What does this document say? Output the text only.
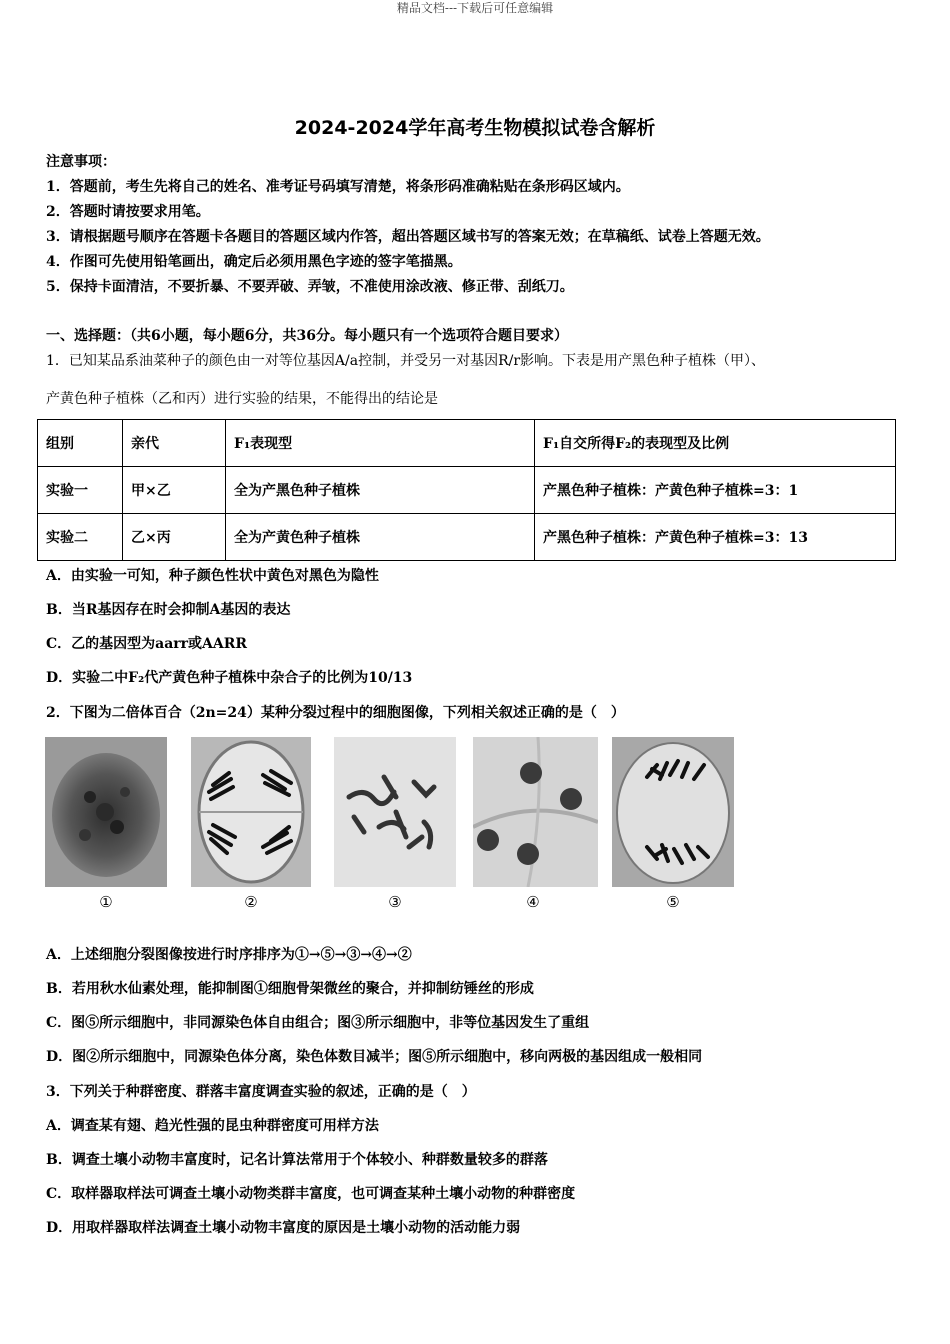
精品文档---下载后可任意编辑
2024-2024学年高考生物模拟试卷含解析
注意事项：
1．答题前，考生先将自己的姓名、准考证号码填写清楚，将条形码准确粘贴在条形码区域内。
2．答题时请按要求用笔。
3．请根据题号顺序在答题卡各题目的答题区域内作答，超出答题区域书写的答案无效；在草稿纸、试卷上答题无效。
4．作图可先使用铅笔画出，确定后必须用黑色字迹的签字笔描黑。
5．保持卡面清洁，不要折暴、不要弄破、弄皱，不准使用涂改液、修正带、刮纸刀。
一、选择题：（共6小题，每小题6分，共36分。每小题只有一个选项符合题目要求）
1．已知某品系油菜种子的颜色由一对等位基因A/a控制，并受另一对基因R/r影响。下表是用产黑色种子植株（甲）、
产黄色种子植株（乙和丙）进行实验的结果，不能得出的结论是
组别	亲代	F₁表现型	F₁自交所得F₂的表现型及比例
实验一	甲×乙	全为产黑色种子植株	产黑色种子植株：产黄色种子植株=3：1
实验二	乙×丙	全为产黄色种子植株	产黑色种子植株：产黄色种子植株=3：13
A．由实验一可知，种子颜色性状中黄色对黑色为隐性
B．当R基因存在时会抑制A基因的表达
C．乙的基因型为aarr或AARR
D．实验二中F₂代产黄色种子植株中杂合子的比例为10/13
2．下图为二倍体百合（2n=24）某种分裂过程中的细胞图像，下列相关叙述正确的是（　）
①	②	③	④	⑤
A．上述细胞分裂图像按进行时序排序为①→⑤→③→④→②
B．若用秋水仙素处理，能抑制图①细胞骨架微丝的聚合，并抑制纺锤丝的形成
C．图⑤所示细胞中，非同源染色体自由组合；图③所示细胞中，非等位基因发生了重组
D．图②所示细胞中，同源染色体分离，染色体数目减半；图⑤所示细胞中，移向两极的基因组成一般相同
3．下列关于种群密度、群落丰富度调查实验的叙述，正确的是（　）
A．调查某有翅、趋光性强的昆虫种群密度可用样方法
B．调查土壤小动物丰富度时，记名计算法常用于个体较小、种群数量较多的群落
C．取样器取样法可调查土壤小动物类群丰富度，也可调查某种土壤小动物的种群密度
D．用取样器取样法调查土壤小动物丰富度的原因是土壤小动物的活动能力弱
